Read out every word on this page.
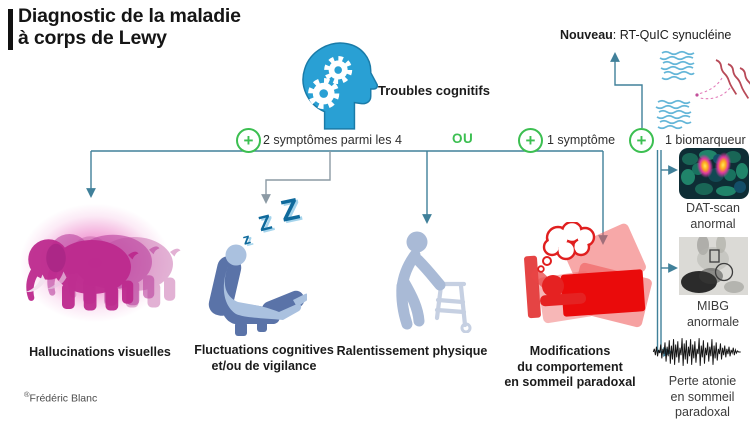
Diagnostic de la maladie
à corps de Lewy
Troubles cognitifs
Nouveau: RT-QuIC synucléine
+ 2 symptômes parmi les 4	OU	+ 1 symptôme + 1 biomarqueur
Hallucinations visuelles
z
Z Z
Fluctuations cognitives
et/ou de vigilance
Ralentissement physique	Modifications
du comportement
en sommeil paradoxal
DAT-scan
anormal
MIBG
anormale
Perte atonie
en sommeil
paradoxal
®Frédéric Blanc
